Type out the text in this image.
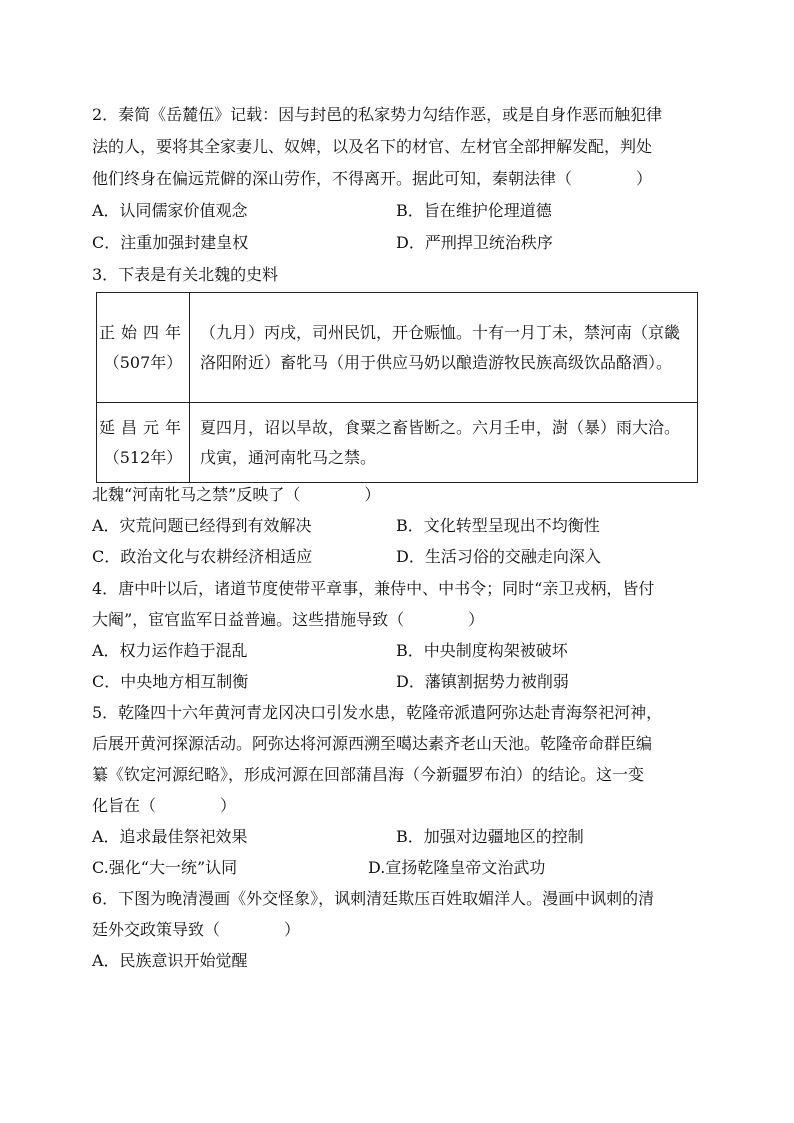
2．秦简《岳麓伍》记载：因与封邑的私家势力勾结作恶，或是自身作恶而触犯律
法的人，要将其全家妻儿、奴婢，以及名下的材官、左材官全部押解发配，判处
他们终身在偏远荒僻的深山劳作，不得离开。据此可知，秦朝法律（　　　　）
A．认同儒家价值观念	B．旨在维护伦理道德
C．注重加强封建皇权	D．严刑捍卫统治秩序
3．下表是有关北魏的史料
正始四年
（507年）	（九月）丙戌，司州民饥，开仓赈恤。十有一月丁未，禁河南（京畿洛阳附近）畜牝马（用于供应马奶以酿造游牧民族高级饮品酪酒）。

延昌元年
（512年）	夏四月，诏以旱故，食粟之畜皆断之。六月壬申，澍（暴）雨大洽。戊寅，通河南牝马之禁。
北魏“河南牝马之禁”反映了（　　　　）
A．灾荒问题已经得到有效解决	B．文化转型呈现出不均衡性
C．政治文化与农耕经济相适应	D．生活习俗的交融走向深入
4．唐中叶以后，诸道节度使带平章事，兼侍中、中书令；同时“亲卫戎柄，皆付
大阉”，宦官监军日益普遍。这些措施导致（　　　　）
A．权力运作趋于混乱	B．中央制度构架被破坏
C．中央地方相互制衡	D．藩镇割据势力被削弱
5．乾隆四十六年黄河青龙冈决口引发水患，乾隆帝派遣阿弥达赴青海祭祀河神，
后展开黄河探源活动。阿弥达将河源西溯至噶达素齐老山天池。乾隆帝命群臣编
纂《钦定河源纪略》，形成河源在回部蒲昌海（今新疆罗布泊）的结论。这一变
化旨在（　　　　）
A．追求最佳祭祀效果	B．加强对边疆地区的控制
C.强化“大一统”认同	D.宣扬乾隆皇帝文治武功
6．下图为晚清漫画《外交怪象》，讽刺清廷欺压百姓取媚洋人。漫画中讽刺的清
廷外交政策导致（　　　　）
A．民族意识开始觉醒
